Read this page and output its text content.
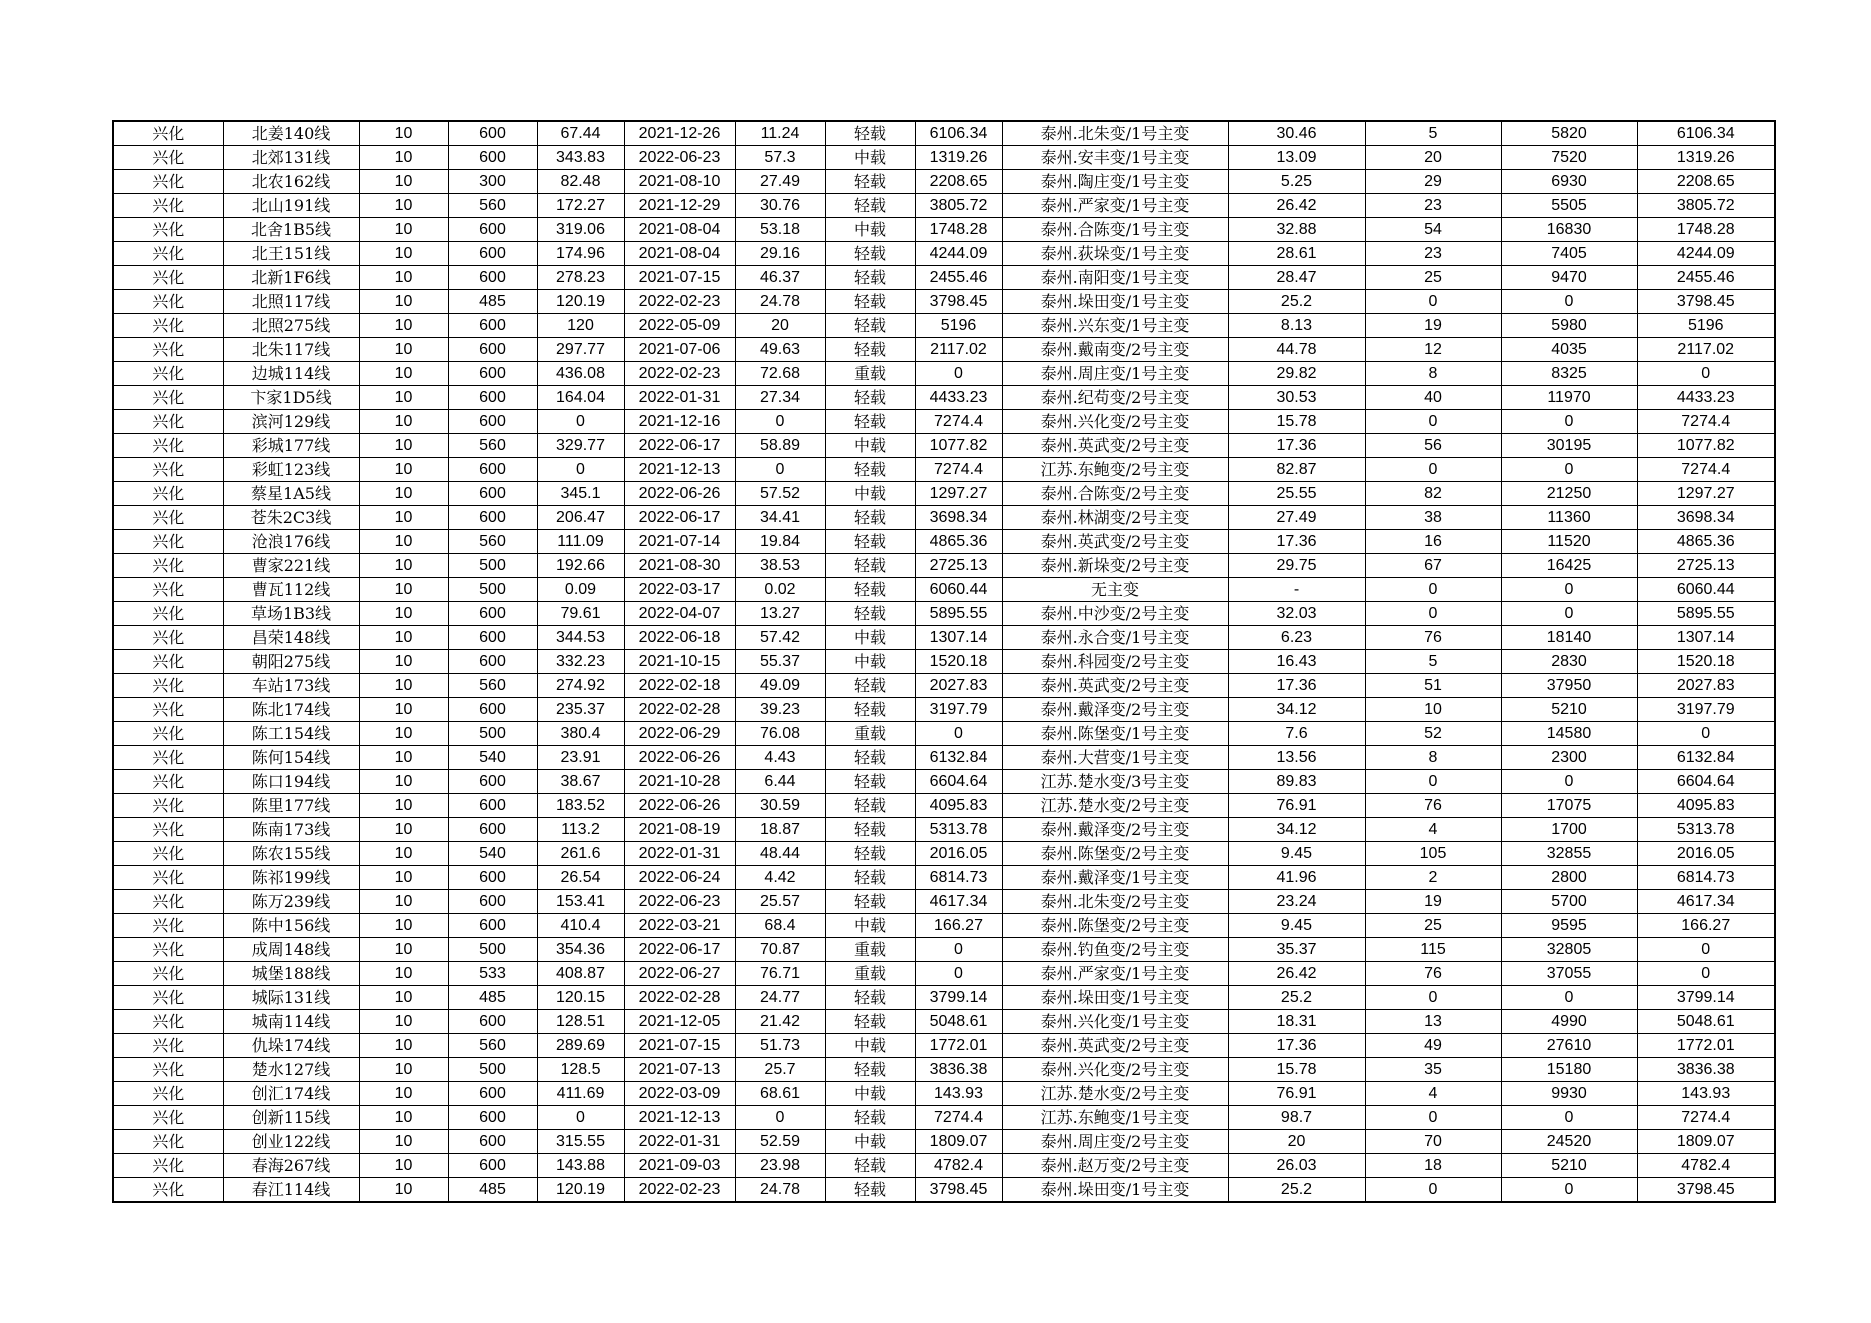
兴化	北姜140线	10	600	67.44	2021-12-26	11.24	轻载	6106.34	泰州.北朱变/1号主变	30.46	5	5820	6106.34
兴化	北郊131线	10	600	343.83	2022-06-23	57.3	中载	1319.26	泰州.安丰变/1号主变	13.09	20	7520	1319.26
兴化	北农162线	10	300	82.48	2021-08-10	27.49	轻载	2208.65	泰州.陶庄变/1号主变	5.25	29	6930	2208.65
兴化	北山191线	10	560	172.27	2021-12-29	30.76	轻载	3805.72	泰州.严家变/1号主变	26.42	23	5505	3805.72
兴化	北舍1B5线	10	600	319.06	2021-08-04	53.18	中载	1748.28	泰州.合陈变/1号主变	32.88	54	16830	1748.28
兴化	北王151线	10	600	174.96	2021-08-04	29.16	轻载	4244.09	泰州.荻垛变/1号主变	28.61	23	7405	4244.09
兴化	北新1F6线	10	600	278.23	2021-07-15	46.37	轻载	2455.46	泰州.南阳变/1号主变	28.47	25	9470	2455.46
兴化	北照117线	10	485	120.19	2022-02-23	24.78	轻载	3798.45	泰州.垛田变/1号主变	25.2	0	0	3798.45
兴化	北照275线	10	600	120	2022-05-09	20	轻载	5196	泰州.兴东变/1号主变	8.13	19	5980	5196
兴化	北朱117线	10	600	297.77	2021-07-06	49.63	轻载	2117.02	泰州.戴南变/2号主变	44.78	12	4035	2117.02
兴化	边城114线	10	600	436.08	2022-02-23	72.68	重载	0	泰州.周庄变/1号主变	29.82	8	8325	0
兴化	卞家1D5线	10	600	164.04	2022-01-31	27.34	轻载	4433.23	泰州.纪苟变/2号主变	30.53	40	11970	4433.23
兴化	滨河129线	10	600	0	2021-12-16	0	轻载	7274.4	泰州.兴化变/2号主变	15.78	0	0	7274.4
兴化	彩城177线	10	560	329.77	2022-06-17	58.89	中载	1077.82	泰州.英武变/2号主变	17.36	56	30195	1077.82
兴化	彩虹123线	10	600	0	2021-12-13	0	轻载	7274.4	江苏.东鲍变/2号主变	82.87	0	0	7274.4
兴化	蔡星1A5线	10	600	345.1	2022-06-26	57.52	中载	1297.27	泰州.合陈变/2号主变	25.55	82	21250	1297.27
兴化	苍朱2C3线	10	600	206.47	2022-06-17	34.41	轻载	3698.34	泰州.林湖变/2号主变	27.49	38	11360	3698.34
兴化	沧浪176线	10	560	111.09	2021-07-14	19.84	轻载	4865.36	泰州.英武变/2号主变	17.36	16	11520	4865.36
兴化	曹家221线	10	500	192.66	2021-08-30	38.53	轻载	2725.13	泰州.新垛变/2号主变	29.75	67	16425	2725.13
兴化	曹瓦112线	10	500	0.09	2022-03-17	0.02	轻载	6060.44	无主变	-	0	0	6060.44
兴化	草场1B3线	10	600	79.61	2022-04-07	13.27	轻载	5895.55	泰州.中沙变/2号主变	32.03	0	0	5895.55
兴化	昌荣148线	10	600	344.53	2022-06-18	57.42	中载	1307.14	泰州.永合变/1号主变	6.23	76	18140	1307.14
兴化	朝阳275线	10	600	332.23	2021-10-15	55.37	中载	1520.18	泰州.科园变/2号主变	16.43	5	2830	1520.18
兴化	车站173线	10	560	274.92	2022-02-18	49.09	轻载	2027.83	泰州.英武变/2号主变	17.36	51	37950	2027.83
兴化	陈北174线	10	600	235.37	2022-02-28	39.23	轻载	3197.79	泰州.戴泽变/2号主变	34.12	10	5210	3197.79
兴化	陈工154线	10	500	380.4	2022-06-29	76.08	重载	0	泰州.陈堡变/1号主变	7.6	52	14580	0
兴化	陈何154线	10	540	23.91	2022-06-26	4.43	轻载	6132.84	泰州.大营变/1号主变	13.56	8	2300	6132.84
兴化	陈口194线	10	600	38.67	2021-10-28	6.44	轻载	6604.64	江苏.楚水变/3号主变	89.83	0	0	6604.64
兴化	陈里177线	10	600	183.52	2022-06-26	30.59	轻载	4095.83	江苏.楚水变/2号主变	76.91	76	17075	4095.83
兴化	陈南173线	10	600	113.2	2021-08-19	18.87	轻载	5313.78	泰州.戴泽变/2号主变	34.12	4	1700	5313.78
兴化	陈农155线	10	540	261.6	2022-01-31	48.44	轻载	2016.05	泰州.陈堡变/2号主变	9.45	105	32855	2016.05
兴化	陈祁199线	10	600	26.54	2022-06-24	4.42	轻载	6814.73	泰州.戴泽变/1号主变	41.96	2	2800	6814.73
兴化	陈万239线	10	600	153.41	2022-06-23	25.57	轻载	4617.34	泰州.北朱变/2号主变	23.24	19	5700	4617.34
兴化	陈中156线	10	600	410.4	2022-03-21	68.4	中载	166.27	泰州.陈堡变/2号主变	9.45	25	9595	166.27
兴化	成周148线	10	500	354.36	2022-06-17	70.87	重载	0	泰州.钓鱼变/2号主变	35.37	115	32805	0
兴化	城堡188线	10	533	408.87	2022-06-27	76.71	重载	0	泰州.严家变/1号主变	26.42	76	37055	0
兴化	城际131线	10	485	120.15	2022-02-28	24.77	轻载	3799.14	泰州.垛田变/1号主变	25.2	0	0	3799.14
兴化	城南114线	10	600	128.51	2021-12-05	21.42	轻载	5048.61	泰州.兴化变/1号主变	18.31	13	4990	5048.61
兴化	仇垛174线	10	560	289.69	2021-07-15	51.73	中载	1772.01	泰州.英武变/2号主变	17.36	49	27610	1772.01
兴化	楚水127线	10	500	128.5	2021-07-13	25.7	轻载	3836.38	泰州.兴化变/2号主变	15.78	35	15180	3836.38
兴化	创汇174线	10	600	411.69	2022-03-09	68.61	中载	143.93	江苏.楚水变/2号主变	76.91	4	9930	143.93
兴化	创新115线	10	600	0	2021-12-13	0	轻载	7274.4	江苏.东鲍变/1号主变	98.7	0	0	7274.4
兴化	创业122线	10	600	315.55	2022-01-31	52.59	中载	1809.07	泰州.周庄变/2号主变	20	70	24520	1809.07
兴化	春海267线	10	600	143.88	2021-09-03	23.98	轻载	4782.4	泰州.赵万变/2号主变	26.03	18	5210	4782.4
兴化	春江114线	10	485	120.19	2022-02-23	24.78	轻载	3798.45	泰州.垛田变/1号主变	25.2	0	0	3798.45
